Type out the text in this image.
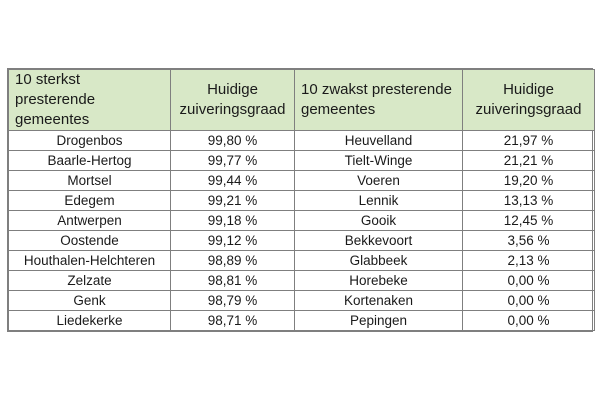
10 sterkst presterende gemeentes	Huidige zuiveringsgraad	10 zwakst presterende gemeentes	Huidige zuiveringsgraad
Drogenbos	99,80 %	Heuvelland	21,97 %
Baarle-Hertog	99,77 %	Tielt-Winge	21,21 %
Mortsel	99,44 %	Voeren	19,20 %
Edegem	99,21 %	Lennik	13,13 %
Antwerpen	99,18 %	Gooik	12,45 %
Oostende	99,12 %	Bekkevoort	3,56 %
Houthalen-Helchteren	98,89 %	Glabbeek	2,13 %
Zelzate	98,81 %	Horebeke	0,00 %
Genk	98,79 %	Kortenaken	0,00 %
Liedekerke	98,71 %	Pepingen	0,00 %
